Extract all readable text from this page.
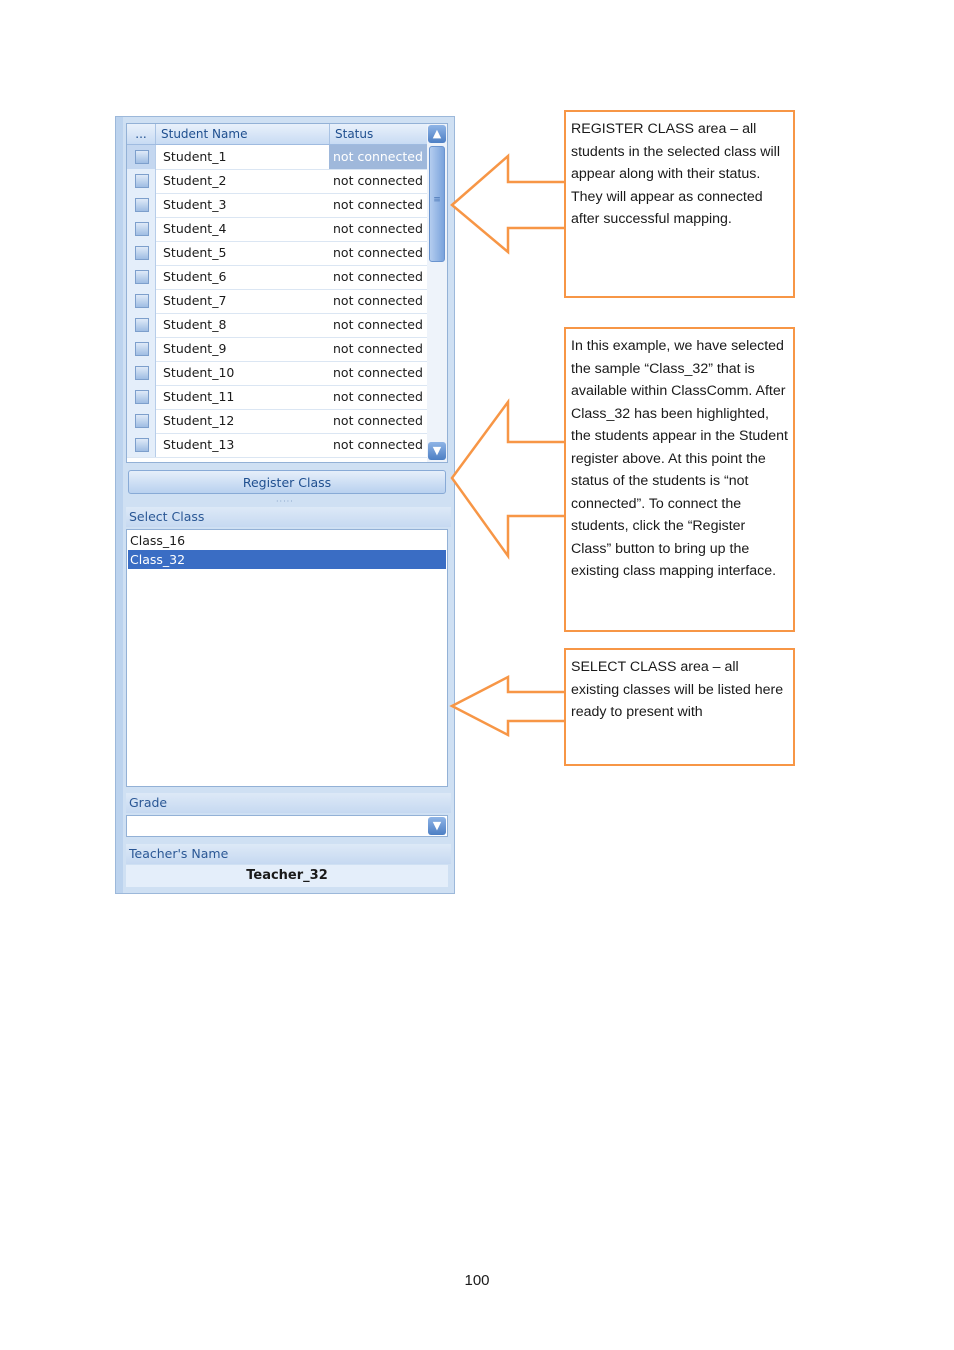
...	Student Name	Status
Student_1	not connected
Student_2	not connected
Student_3	not connected
Student_4	not connected
Student_5	not connected
Student_6	not connected
Student_7	not connected
Student_8	not connected
Student_9	not connected
Student_10	not connected
Student_11	not connected
Student_12	not connected
Student_13	not connected
▲
≡
▼
Register Class
·····
Select Class
Class_16
Class_32
Grade
▼
Teacher's Name
Teacher_32
REGISTER CLASS area – all students in the selected class will appear along with their status. They will appear as connected after successful mapping.
In this example, we have selected the sample “Class_32” that is available within ClassComm. After Class_32 has been highlighted, the students appear in the Student register above. At this point the status of the students is “not connected”. To connect the students, click the “Register Class” button to bring up the existing class mapping interface.
SELECT CLASS area – all existing classes will be listed here ready to present with
100
